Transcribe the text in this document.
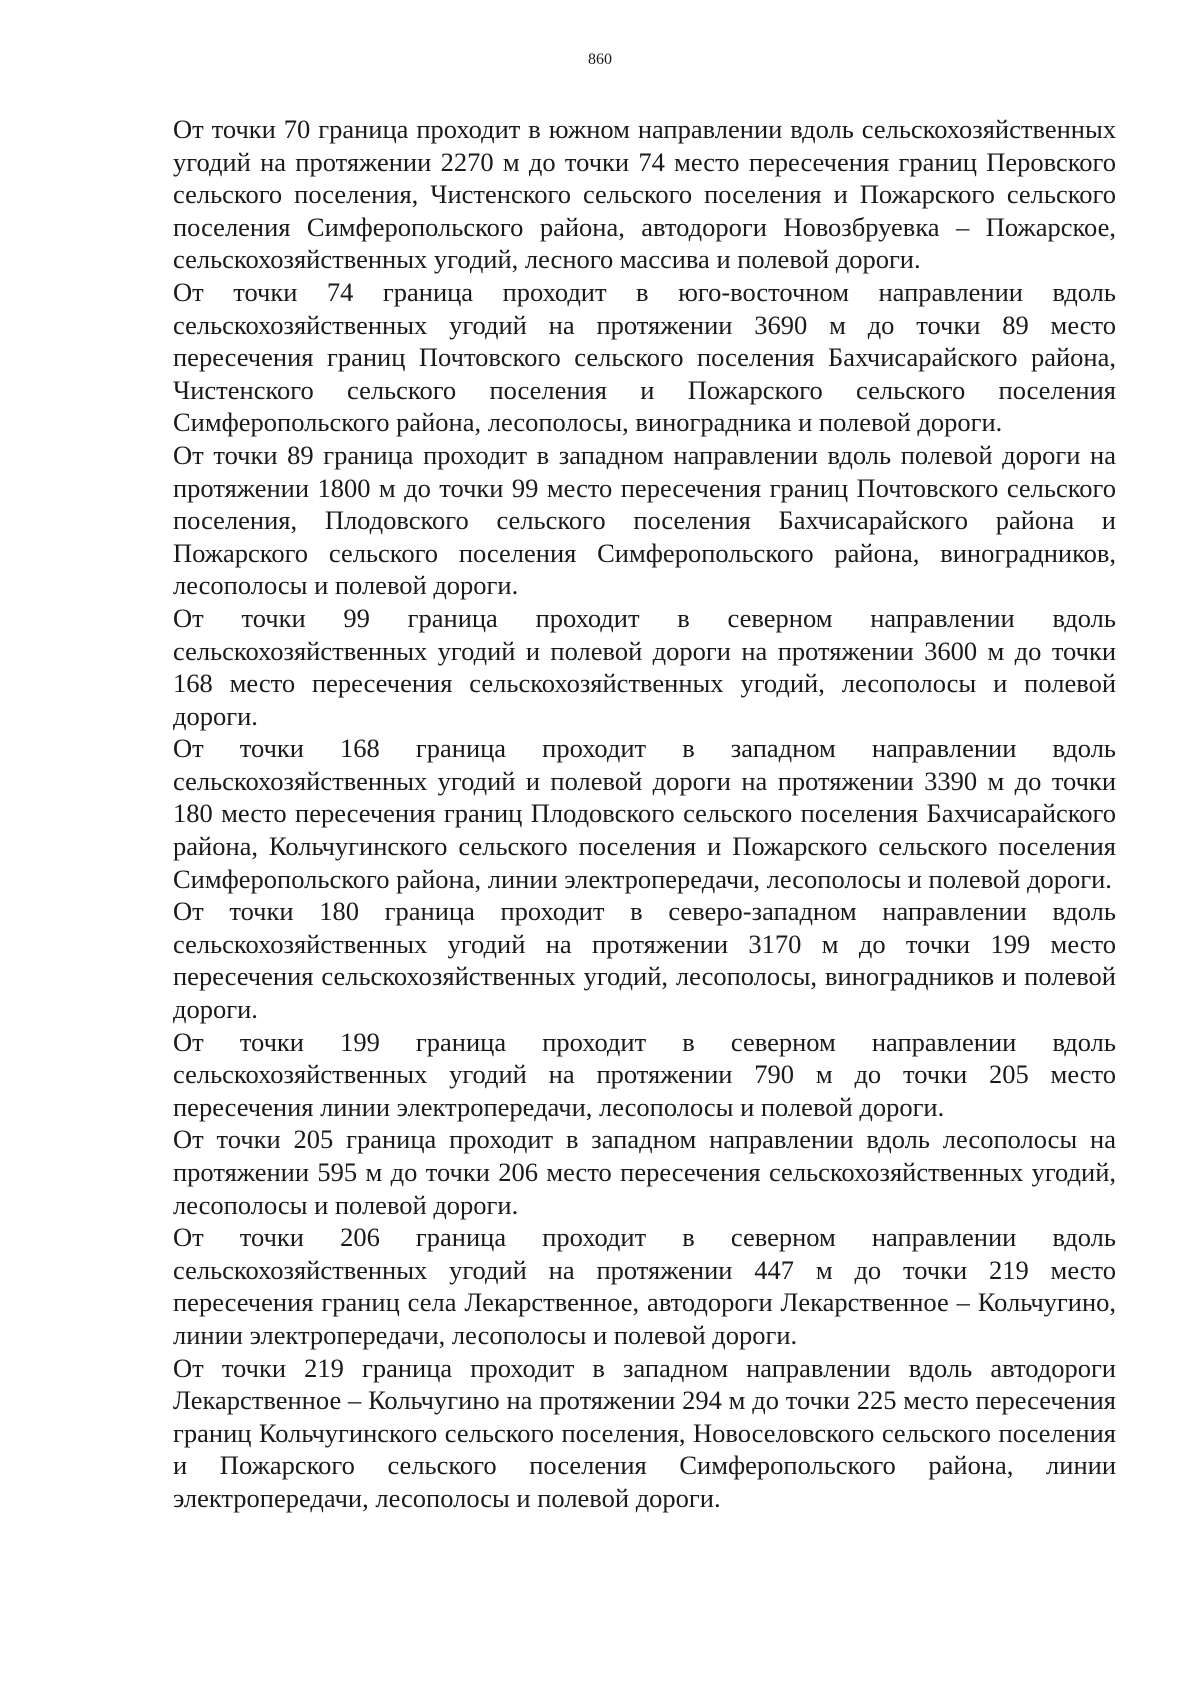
860

От точки 70 граница проходит в южном направлении вдоль сельскохозяйственных угодий на протяжении 2270 м до точки 74 место пересечения границ Перовского сельского поселения, Чистенского сельского поселения и Пожарского сельского поселения Симферопольского района, автодороги Новозбруевка – Пожарское, сельскохозяйственных угодий, лесного массива и полевой дороги.

От точки 74 граница проходит в юго-восточном направлении вдоль сельскохозяйственных угодий на протяжении 3690 м до точки 89 место пересечения границ Почтовского сельского поселения Бахчисарайского района, Чистенского сельского поселения и Пожарского сельского поселения Симферопольского района, лесополосы, виноградника и полевой дороги.

От точки 89 граница проходит в западном направлении вдоль полевой дороги на протяжении 1800 м до точки 99 место пересечения границ Почтовского сельского поселения, Плодовского сельского поселения Бахчисарайского района и Пожарского сельского поселения Симферопольского района, виноградников, лесополосы и полевой дороги.

От точки 99 граница проходит в северном направлении вдоль сельскохозяйственных угодий и полевой дороги на протяжении 3600 м до точки 168 место пересечения сельскохозяйственных угодий, лесополосы и полевой дороги.

От точки 168 граница проходит в западном направлении вдоль сельскохозяйственных угодий и полевой дороги на протяжении 3390 м до точки 180 место пересечения границ Плодовского сельского поселения Бахчисарайского района, Кольчугинского сельского поселения и Пожарского сельского поселения Симферопольского района, линии электропередачи, лесополосы и полевой дороги.

От точки 180 граница проходит в северо-западном направлении вдоль сельскохозяйственных угодий на протяжении 3170 м до точки 199 место пересечения сельскохозяйственных угодий, лесополосы, виноградников и полевой дороги.

От точки 199 граница проходит в северном направлении вдоль сельскохозяйственных угодий на протяжении 790 м до точки 205 место пересечения линии электропередачи, лесополосы и полевой дороги.

От точки 205 граница проходит в западном направлении вдоль лесополосы на протяжении 595 м до точки 206 место пересечения сельскохозяйственных угодий, лесополосы и полевой дороги.

От точки 206 граница проходит в северном направлении вдоль сельскохозяйственных угодий на протяжении 447 м до точки 219 место пересечения границ села Лекарственное, автодороги Лекарственное – Кольчугино, линии электропередачи, лесополосы и полевой дороги.

От точки 219 граница проходит в западном направлении вдоль автодороги Лекарственное – Кольчугино на протяжении 294 м до точки 225 место пересечения границ Кольчугинского сельского поселения, Новоселовского сельского поселения и Пожарского сельского поселения Симферопольского района, линии электропередачи, лесополосы и полевой дороги.
